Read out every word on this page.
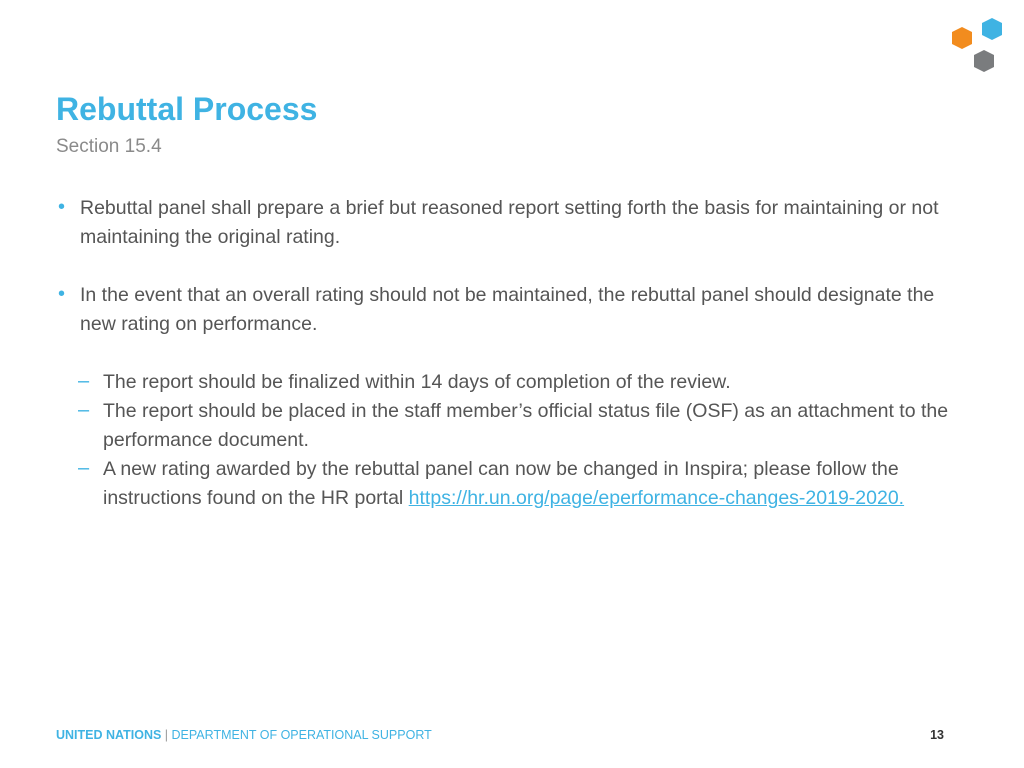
Rebuttal Process
Section 15.4
• Rebuttal panel shall prepare a brief but reasoned report setting forth the basis for maintaining or not maintaining the original rating.
• In the event that an overall rating should not be maintained, the rebuttal panel should designate the new rating on performance.
– The report should be finalized within 14 days of completion of the review.
– The report should be placed in the staff member’s official status file (OSF) as an attachment to the performance document.
– A new rating awarded by the rebuttal panel can now be changed in Inspira; please follow the instructions found on the HR portal https://hr.un.org/page/eperformance-changes-2019-2020.
UNITED NATIONS | DEPARTMENT OF OPERATIONAL SUPPORT	13
